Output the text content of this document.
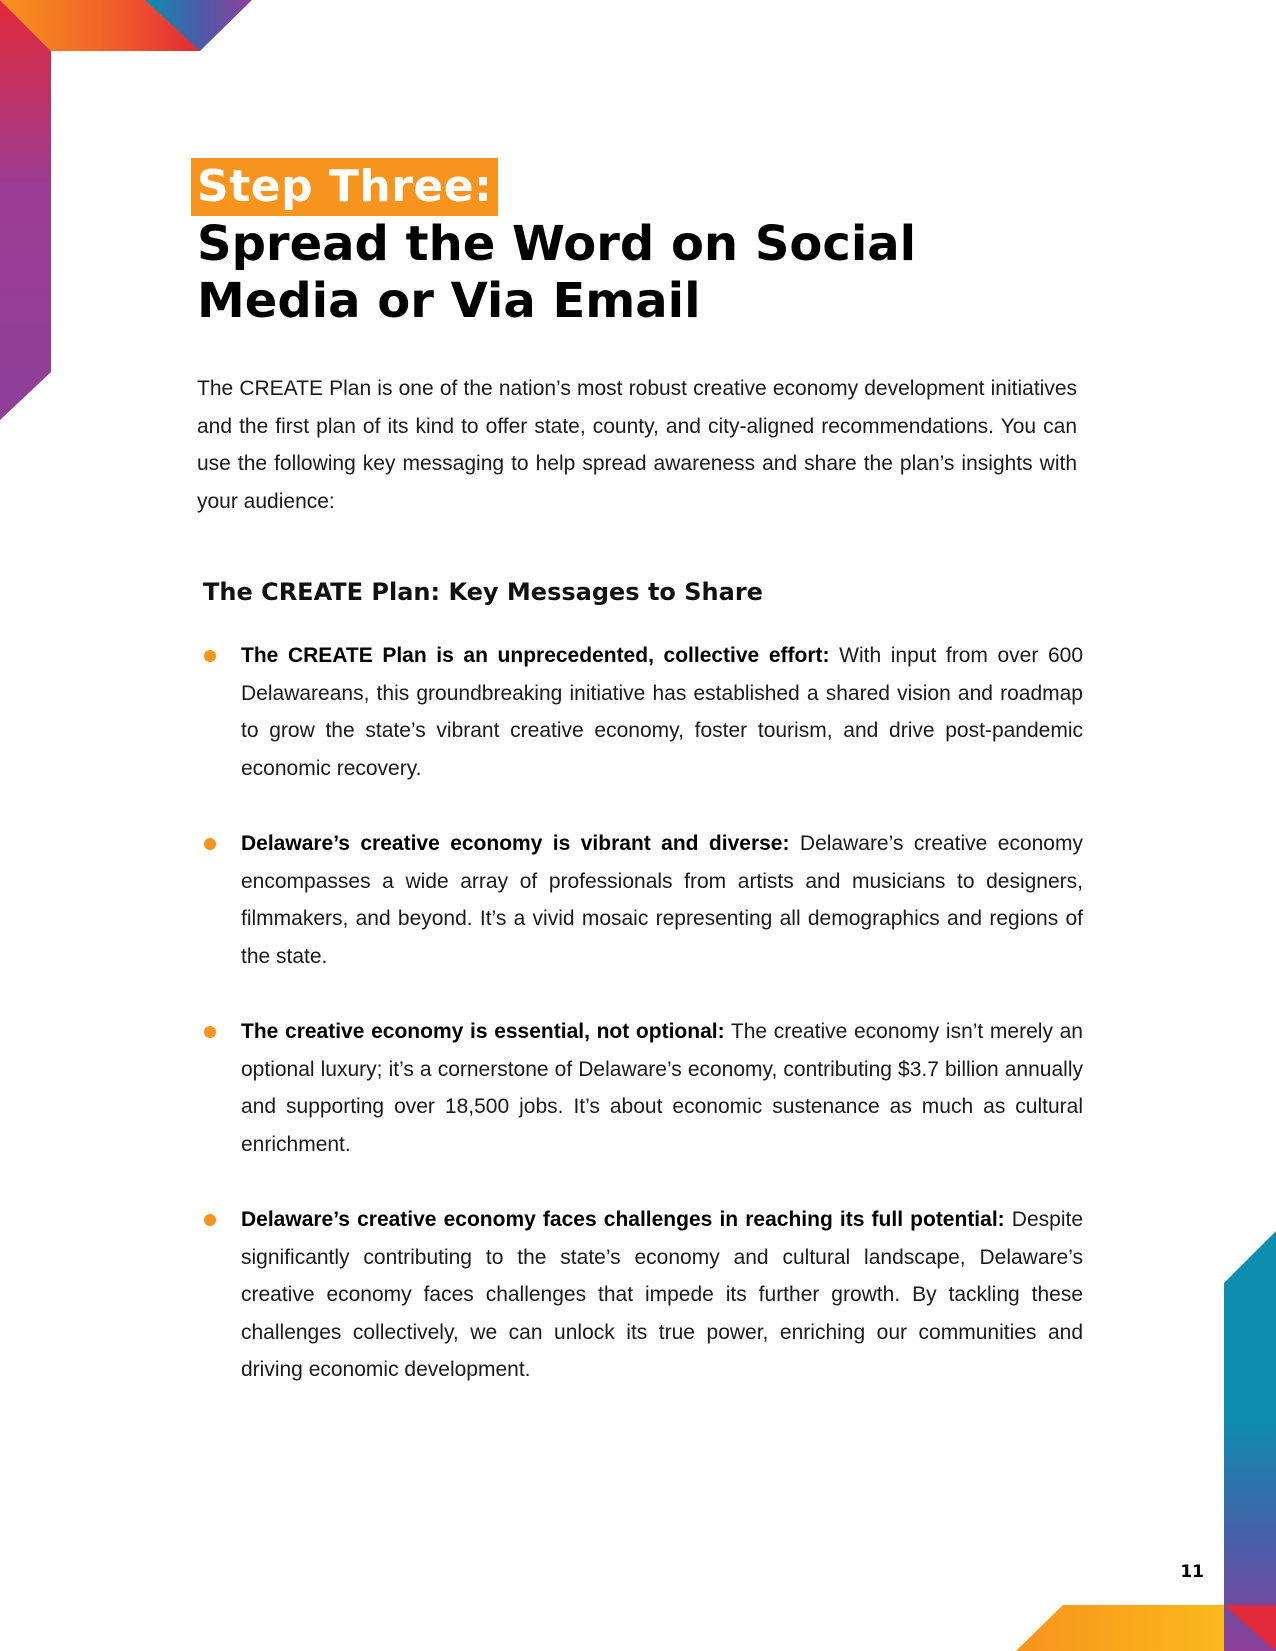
Step Three:
Spread the Word on Social Media or Via Email

The CREATE Plan is one of the nation’s most robust creative economy development initiatives and the first plan of its kind to offer state, county, and city-aligned recommendations. You can use the following key messaging to help spread awareness and share the plan’s insights with your audience:

The CREATE Plan: Key Messages to Share
The CREATE Plan is an unprecedented, collective effort: With input from over 600 Delawareans, this groundbreaking initiative has established a shared vision and roadmap to grow the state’s vibrant creative economy, foster tourism, and drive post-pandemic economic recovery.
Delaware’s creative economy is vibrant and diverse: Delaware’s creative economy encompasses a wide array of professionals from artists and musicians to designers, filmmakers, and beyond. It’s a vivid mosaic representing all demographics and regions of the state.
The creative economy is essential, not optional: The creative economy isn’t merely an optional luxury; it’s a cornerstone of Delaware’s economy, contributing $3.7 billion annually and supporting over 18,500 jobs. It’s about economic sustenance as much as cultural enrichment.
Delaware’s creative economy faces challenges in reaching its full potential: Despite significantly contributing to the state’s economy and cultural landscape, Delaware’s creative economy faces challenges that impede its further growth. By tackling these challenges collectively, we can unlock its true power, enriching our communities and driving economic development.
11
